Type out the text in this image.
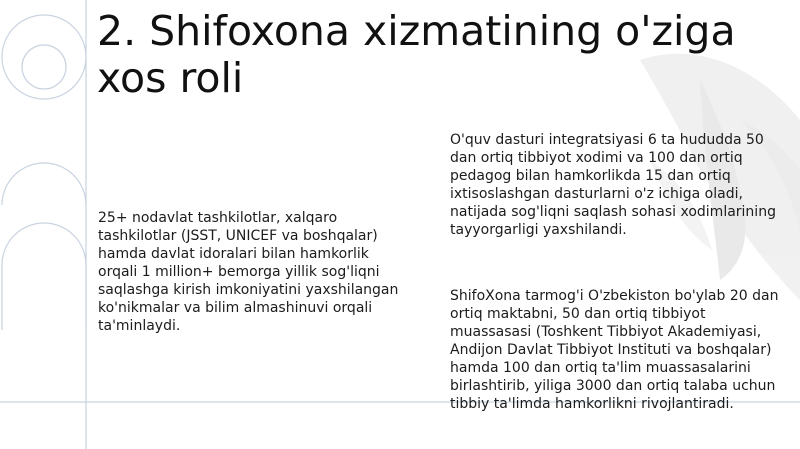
2. Shifoxona xizmatining o'ziga xos roli

25+ nodavlat tashkilotlar, xalqaro tashkilotlar (JSST, UNICEF va boshqalar) hamda davlat idoralari bilan hamkorlik orqali 1 million+ bemorga yillik sog'liqni saqlashga kirish imkoniyatini yaxshilangan ko'nikmalar va bilim almashinuvi orqali ta'minlaydi.

O'quv dasturi integratsiyasi 6 ta hududda 50 dan ortiq tibbiyot xodimi va 100 dan ortiq pedagog bilan hamkorlikda 15 dan ortiq ixtisoslashgan dasturlarni o'z ichiga oladi, natijada sog'liqni saqlash sohasi xodimlarining tayyorgarligi yaxshilandi.

ShifoXona tarmog'i O'zbekiston bo'ylab 20 dan ortiq maktabni, 50 dan ortiq tibbiyot muassasasi (Toshkent Tibbiyot Akademiyasi, Andijon Davlat Tibbiyot Instituti va boshqalar) hamda 100 dan ortiq ta'lim muassasalarini birlashtirib, yiliga 3000 dan ortiq talaba uchun tibbiy ta'limda hamkorlikni rivojlantiradi.
